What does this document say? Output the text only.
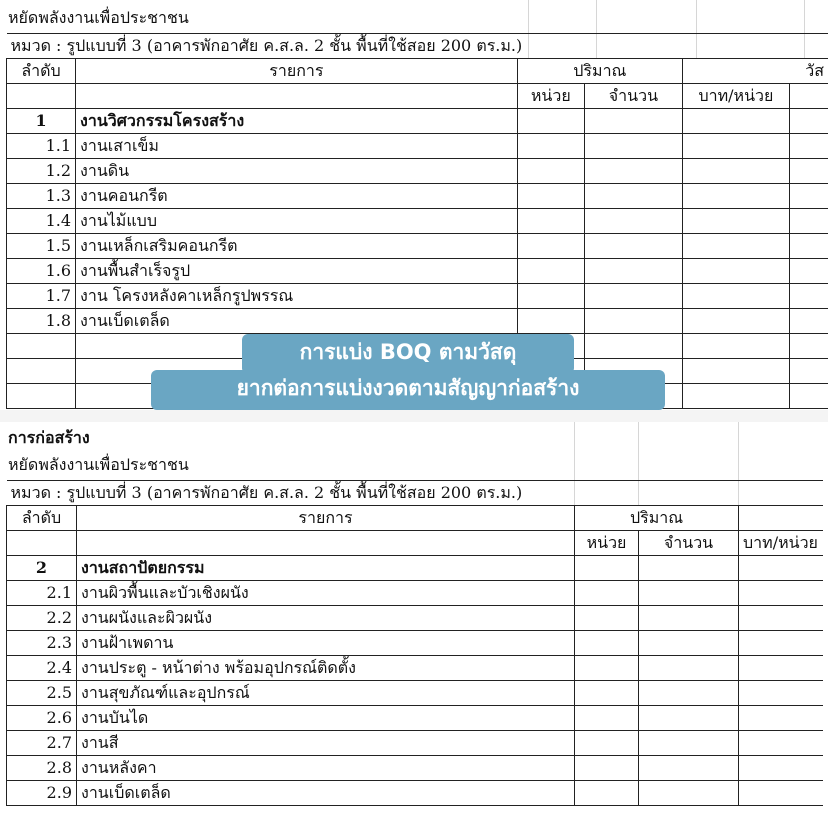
หยัดพลังงานเพื่อประชาชน
หมวด : รูปแบบที่ 3 (อาคารพักอาศัย ค.ส.ล. 2 ชั้น พื้นที่ใช้สอย 200 ตร.ม.)					
ลำดับ	รายการ	ปริมาณ		วัส	
		หน่วย	จำนวน	บาท/หน่วย	
1	งานวิศวกรรมโครงสร้าง				
1.1	งานเสาเข็ม				
1.2	งานดิน				
1.3	งานคอนกรีต				
1.4	งานไม้แบบ				
1.5	งานเหล็กเสริมคอนกรีต				
1.6	งานพื้นสำเร็จรูป				
1.7	งาน โครงหลังคาเหล็กรูปพรรณ				
1.8	งานเบ็ดเตล็ด				

การก่อสร้าง
หยัดพลังงานเพื่อประชาชน
หมวด : รูปแบบที่ 3 (อาคารพักอาศัย ค.ส.ล. 2 ชั้น พื้นที่ใช้สอย 200 ตร.ม.)				
ลำดับ	รายการ	ปริมาณ		
		หน่วย	จำนวน	บาท/หน่วย
2	งานสถาปัตยกรรม			
2.1	งานผิวพื้นและบัวเชิงผนัง			
2.2	งานผนังและผิวผนัง			
2.3	งานฝ้าเพดาน			
2.4	งานประตู - หน้าต่าง พร้อมอุปกรณ์ติดตั้ง			
2.5	งานสุขภัณฑ์และอุปกรณ์			
2.6	งานบันได			
2.7	งานสี			
2.8	งานหลังคา			
2.9	งานเบ็ดเตล็ด			
การแบ่ง BOQ ตามวัสดุ
ยากต่อการแบ่งงวดตามสัญญาก่อสร้าง
